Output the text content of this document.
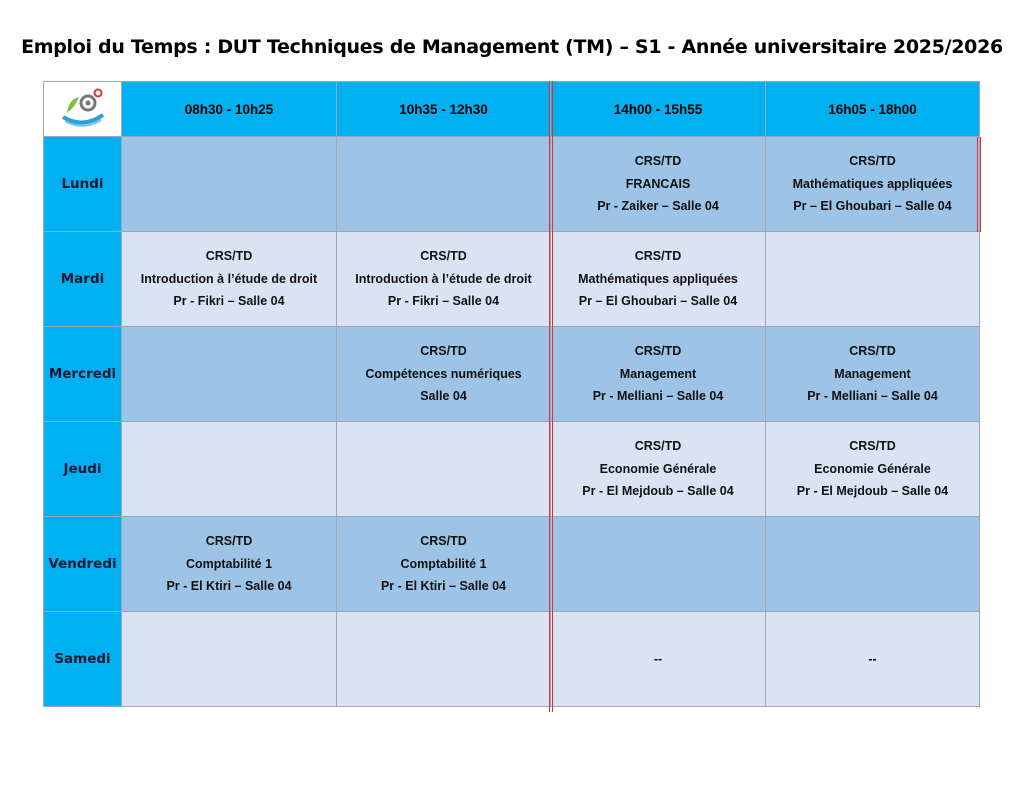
Emploi du Temps : DUT Techniques de Management (TM) – S1 - Année universitaire 2025/2026
	08h30 - 10h25	10h35 - 12h30	14h00 - 15h55	16h05 - 18h00
Lundi			CRS/TD
FRANCAIS
Pr - Zaiker – Salle 04	CRS/TD
Mathématiques appliquées
Pr – El Ghoubari – Salle 04

Mardi	CRS/TD
Introduction à l’étude de droit
Pr - Fikri – Salle 04	CRS/TD
Introduction à l’étude de droit
Pr - Fikri – Salle 04	CRS/TD
Mathématiques appliquées
Pr – El Ghoubari – Salle 04	

Mercredi		CRS/TD
Compétences numériques
Salle 04	CRS/TD
Management
Pr - Melliani – Salle 04	CRS/TD
Management
Pr - Melliani – Salle 04

Jeudi			CRS/TD
Economie Générale
Pr - El Mejdoub – Salle 04	CRS/TD
Economie Générale
Pr - El Mejdoub – Salle 04

Vendredi	CRS/TD
Comptabilité 1
Pr - El Ktiri – Salle 04	CRS/TD
Comptabilité 1
Pr - El Ktiri – Salle 04		

Samedi			--	--
